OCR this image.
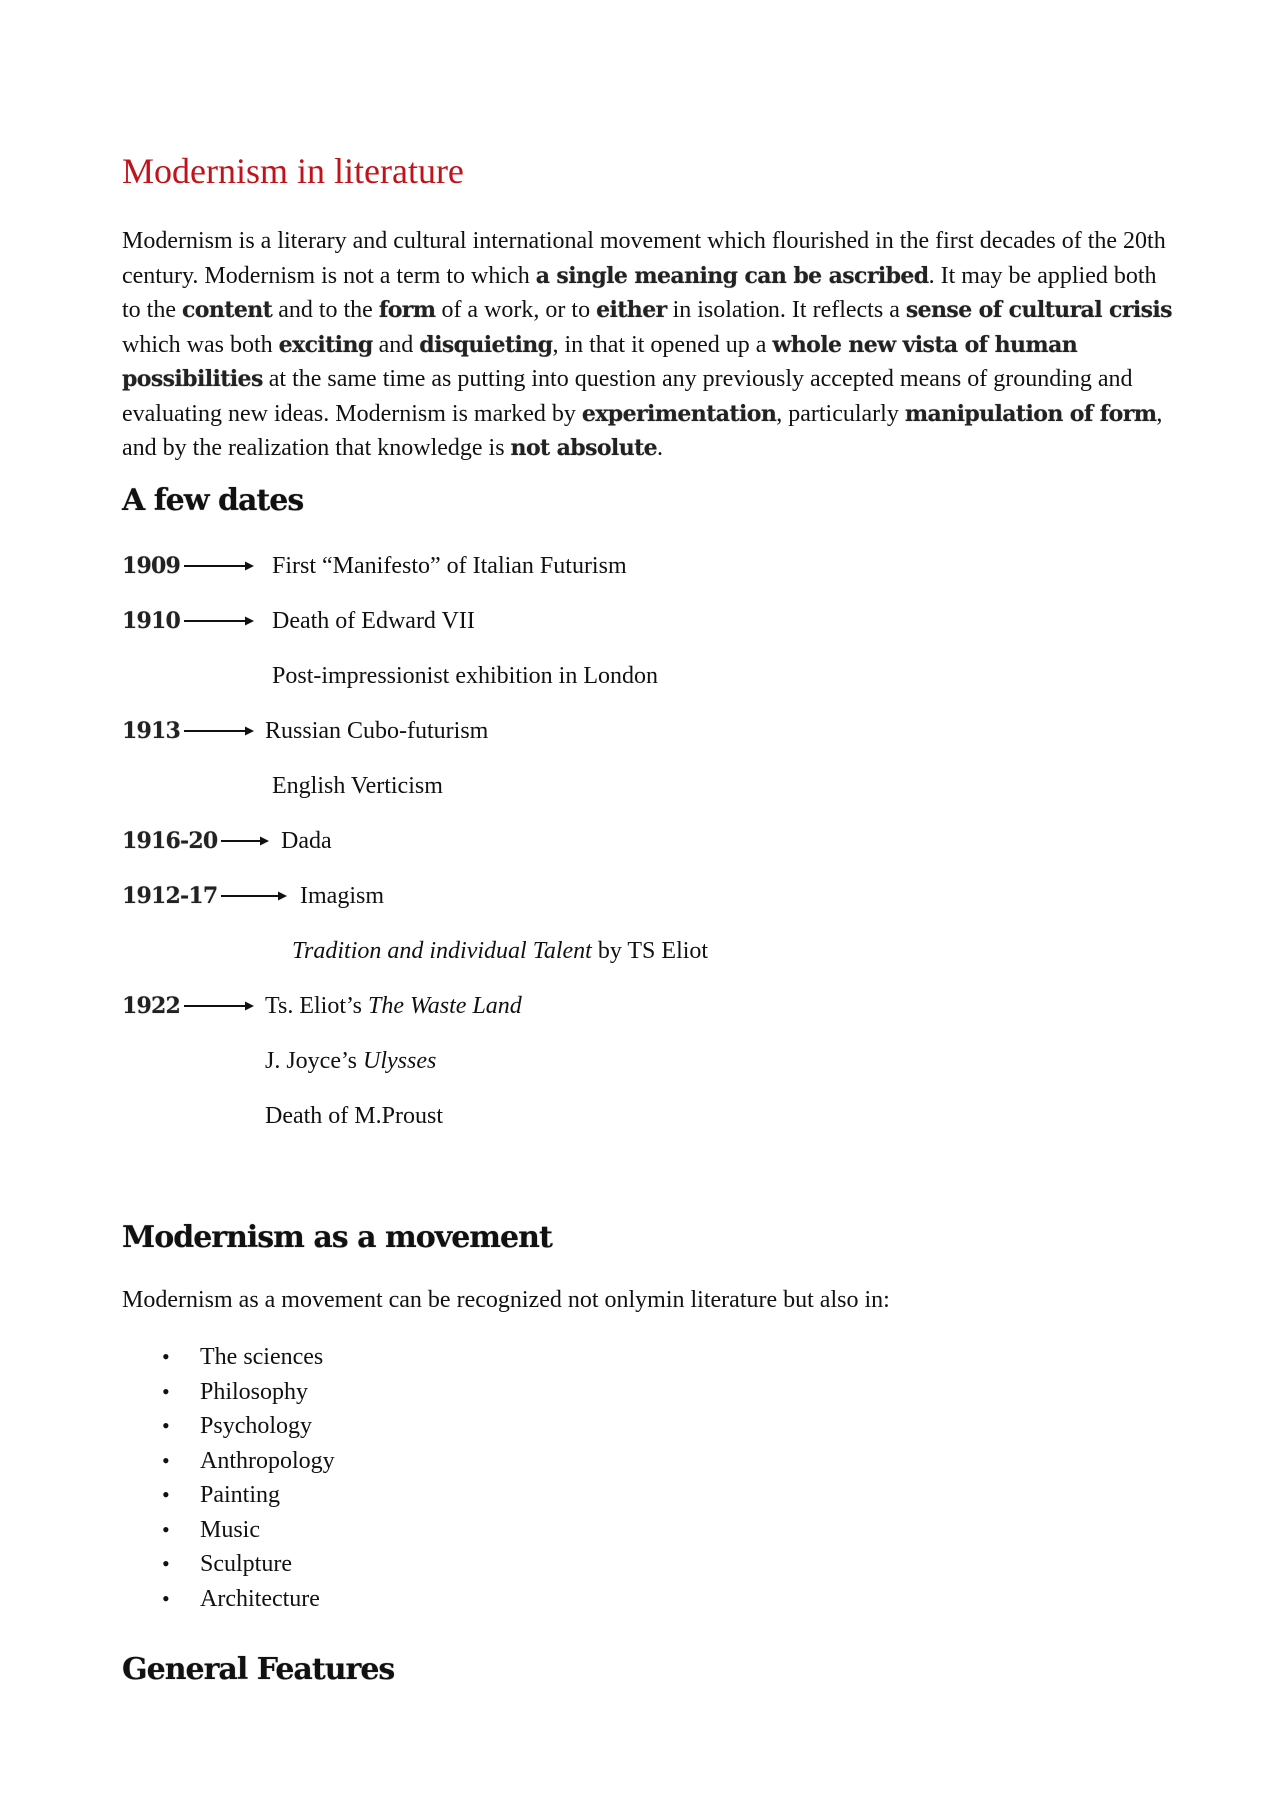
Modernism in literature

Modernism is a literary and cultural international movement which flourished in the first decades of the 20th century. Modernism is not a term to which a single meaning can be ascribed. It may be applied both to the content and to the form of a work, or to either in isolation. It reflects a sense of cultural crisis which was both exciting and disquieting, in that it opened up a whole new vista of human possibilities at the same time as putting into question any previously accepted means of grounding and evaluating new ideas. Modernism is marked by experimentation, particularly manipulation of form, and by the realization that knowledge is not absolute.

A few dates
1909	First “Manifesto” of Italian Futurism
1910	Death of Edward VII
Post-impressionist exhibition in London
1913	Russian Cubo-futurism
English Verticism
1916-20	Dada
1912-17	Imagism
Tradition and individual Talent by TS Eliot
1922	Ts. Eliot’s The Waste Land
J. Joyce’s Ulysses
Death of M.Proust
Modernism as a movement

Modernism as a movement can be recognized not onlymin literature but also in:

• The sciences
• Philosophy
• Psychology
• Anthropology
• Painting
• Music
• Sculpture
• Architecture
General Features
